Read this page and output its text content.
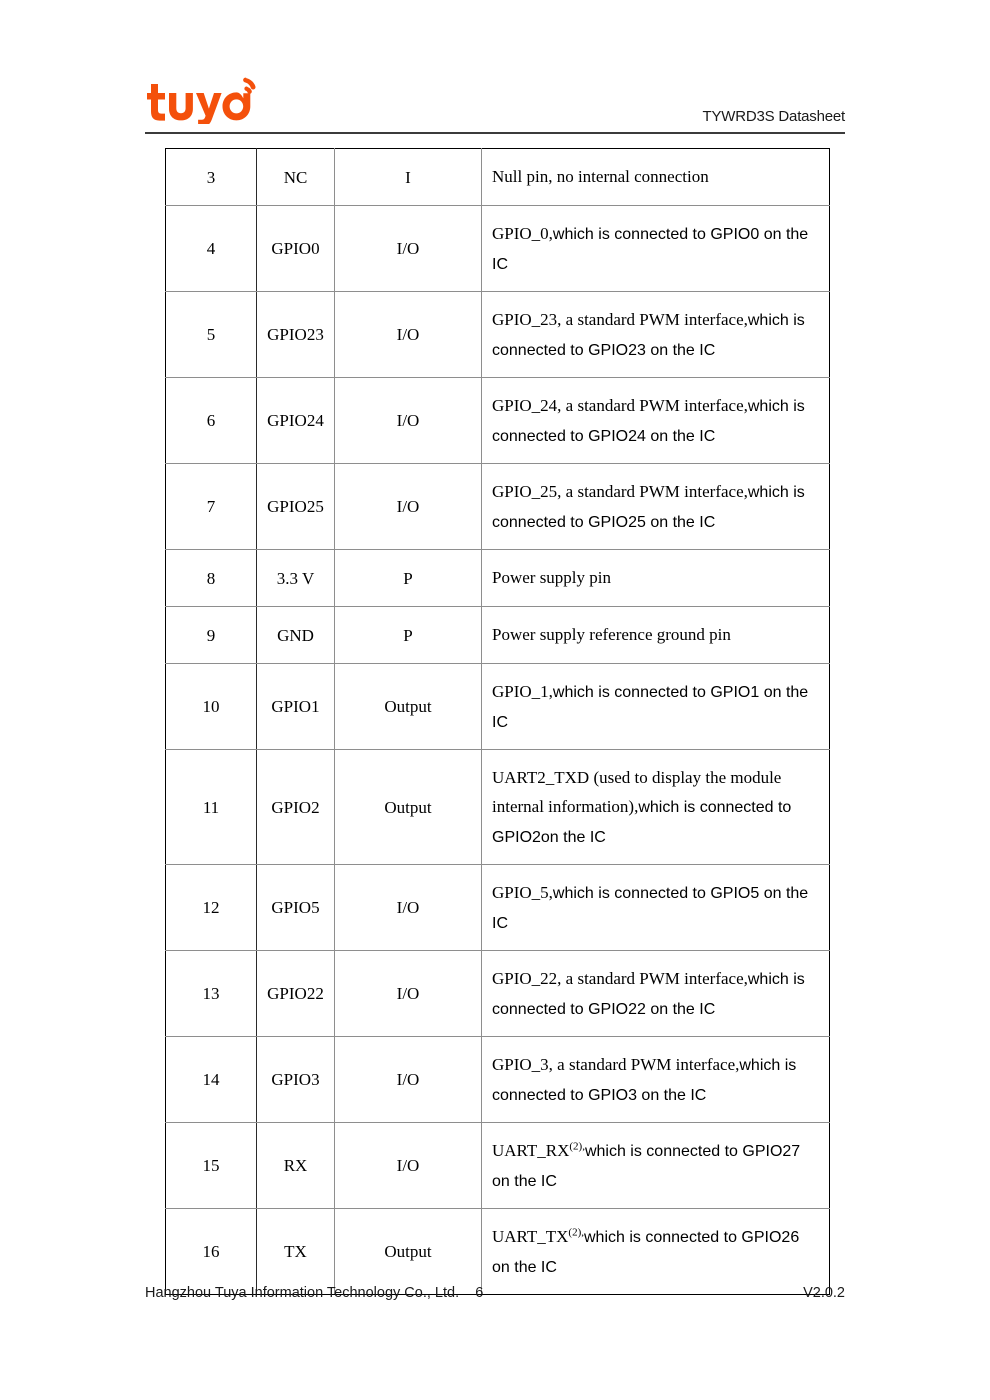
TYWRD3S Datasheet
3	NC	I	Null pin, no internal connection

4	GPIO0	I/O	GPIO_0,which is connected to GPIO0 on the IC

5	GPIO23	I/O	GPIO_23, a standard PWM interface,which is connected to GPIO23 on the IC

6	GPIO24	I/O	GPIO_24, a standard PWM interface,which is connected to GPIO24 on the IC

7	GPIO25	I/O	GPIO_25, a standard PWM interface,which is connected to GPIO25 on the IC

8	3.3 V	P	Power supply pin

9	GND	P	Power supply reference ground pin

10	GPIO1	Output	GPIO_1,which is connected to GPIO1 on the IC

11	GPIO2	Output	UART2_TXD (used to display the module internal information),which is connected to GPIO2on the IC

12	GPIO5	I/O	GPIO_5,which is connected to GPIO5 on the IC

13	GPIO22	I/O	GPIO_22, a standard PWM interface,which is connected to GPIO22 on the IC

14	GPIO3	I/O	GPIO_3, a standard PWM interface,which is connected to GPIO3 on the IC

15	RX	I/O	UART_RX$^{(2),}$which is connected to GPIO27 on the IC

16	TX	Output	UART_TX$^{(2),}$which is connected to GPIO26 on the IC
Hangzhou Tuya Information Technology Co., Ltd. 6	V2.0.2
